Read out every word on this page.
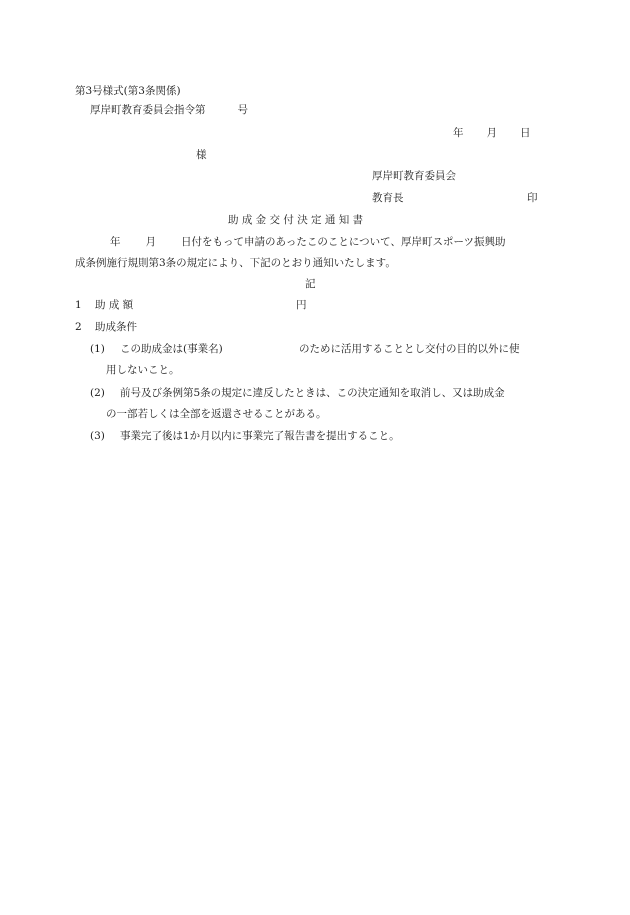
第3号様式(第3条関係)
厚岸町教育委員会指令第	号
年 月 日
様
厚岸町教育委員会
教育長	印
助 成 金 交 付 決 定 通 知 書
年 月 日付をもって申請のあったこのことについて、厚岸町スポーツ振興助
成条例施行規則第3条の規定により、下記のとおり通知いたします。
記
1 助 成 額	円
2 助成条件
(1) この助成金は(事業名)	のために活用することとし交付の目的以外に使
用しないこと。
(2) 前号及び条例第5条の規定に違反したときは、この決定通知を取消し、又は助成金
の一部若しくは全部を返還させることがある。
(3) 事業完了後は1か月以内に事業完了報告書を提出すること。
